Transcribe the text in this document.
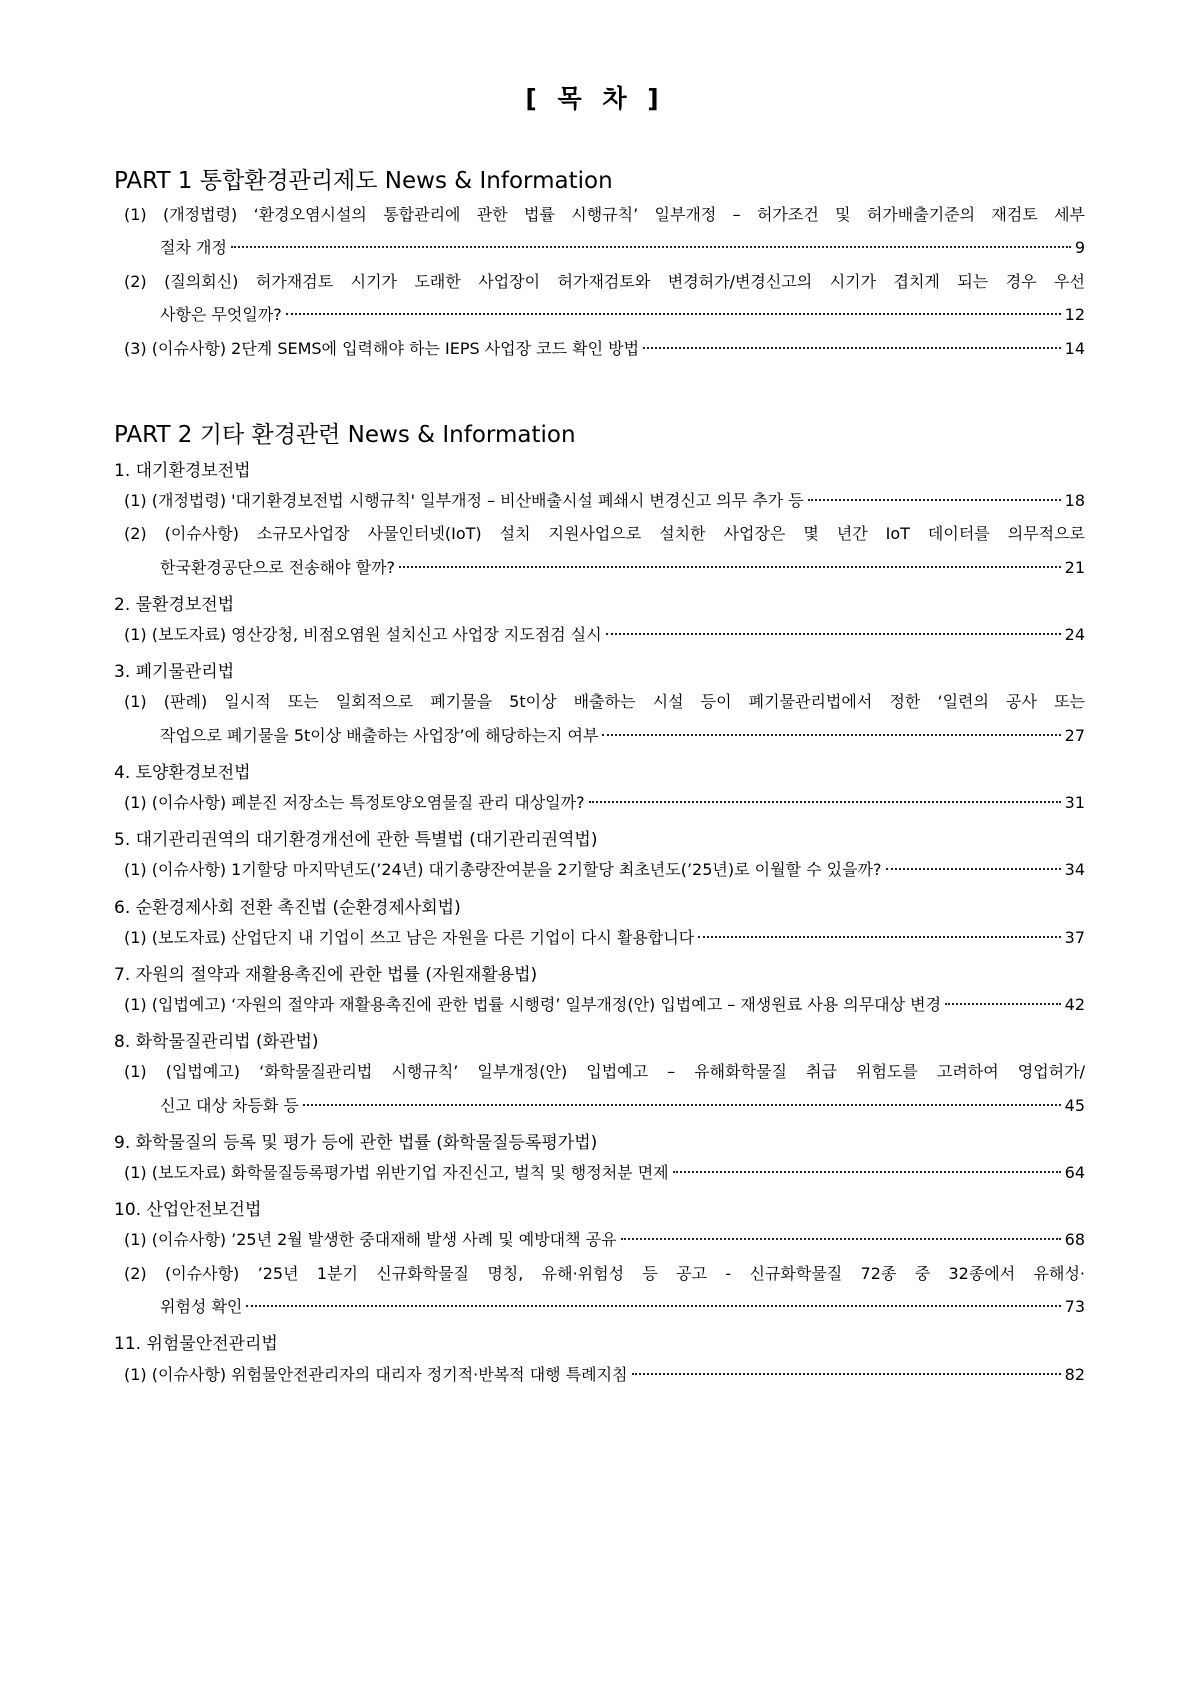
[ 목 차 ]
PART 1 통합환경관리제도 News & Information
(1) (개정법령) ‘환경오염시설의 통합관리에 관한 법률 시행규칙’ 일부개정 – 허가조건 및 허가배출기준의 재검토 세부
절차 개정	9
(2) (질의회신) 허가재검토 시기가 도래한 사업장이 허가재검토와 변경허가/변경신고의 시기가 겹치게 되는 경우 우선
사항은 무엇일까?	12
(3) (이슈사항) 2단계 SEMS에 입력해야 하는 IEPS 사업장 코드 확인 방법	14
PART 2 기타 환경관련 News & Information
1. 대기환경보전법
(1) (개정법령) '대기환경보전법 시행규칙' 일부개정 – 비산배출시설 폐쇄시 변경신고 의무 추가 등	18
(2) (이슈사항) 소규모사업장 사물인터넷(IoT) 설치 지원사업으로 설치한 사업장은 몇 년간 IoT 데이터를 의무적으로
한국환경공단으로 전송해야 할까?	21
2. 물환경보전법
(1) (보도자료) 영산강청, 비점오염원 설치신고 사업장 지도점검 실시	24
3. 폐기물관리법
(1) (판례) 일시적 또는 일회적으로 폐기물을 5t이상 배출하는 시설 등이 폐기물관리법에서 정한 ‘일련의 공사 또는
작업으로 폐기물을 5t이상 배출하는 사업장’에 해당하는지 여부	27
4. 토양환경보전법
(1) (이슈사항) 폐분진 저장소는 특정토양오염물질 관리 대상일까?	31
5. 대기관리권역의 대기환경개선에 관한 특별법 (대기관리권역법)
(1) (이슈사항) 1기할당 마지막년도(’24년) 대기총량잔여분을 2기할당 최초년도(’25년)로 이월할 수 있을까?	34
6. 순환경제사회 전환 촉진법 (순환경제사회법)
(1) (보도자료) 산업단지 내 기업이 쓰고 남은 자원을 다른 기업이 다시 활용합니다	37
7. 자원의 절약과 재활용촉진에 관한 법률 (자원재활용법)
(1) (입법예고) ‘자원의 절약과 재활용촉진에 관한 법률 시행령’ 일부개정(안) 입법예고 – 재생원료 사용 의무대상 변경	42
8. 화학물질관리법 (화관법)
(1) (입법예고) ‘화학물질관리법 시행규칙’ 일부개정(안) 입법예고 – 유해화학물질 취급 위험도를 고려하여 영업허가/
신고 대상 차등화 등	45
9. 화학물질의 등록 및 평가 등에 관한 법률 (화학물질등록평가법)
(1) (보도자료) 화학물질등록평가법 위반기업 자진신고, 벌칙 및 행정처분 면제	64
10. 산업안전보건법
(1) (이슈사항) ’25년 2월 발생한 중대재해 발생 사례 및 예방대책 공유	68
(2) (이슈사항) ’25년 1분기 신규화학물질 명칭, 유해·위험성 등 공고 - 신규화학물질 72종 중 32종에서 유해성·
위험성 확인	73
11. 위험물안전관리법
(1) (이슈사항) 위험물안전관리자의 대리자 정기적·반복적 대행 특례지침	82
